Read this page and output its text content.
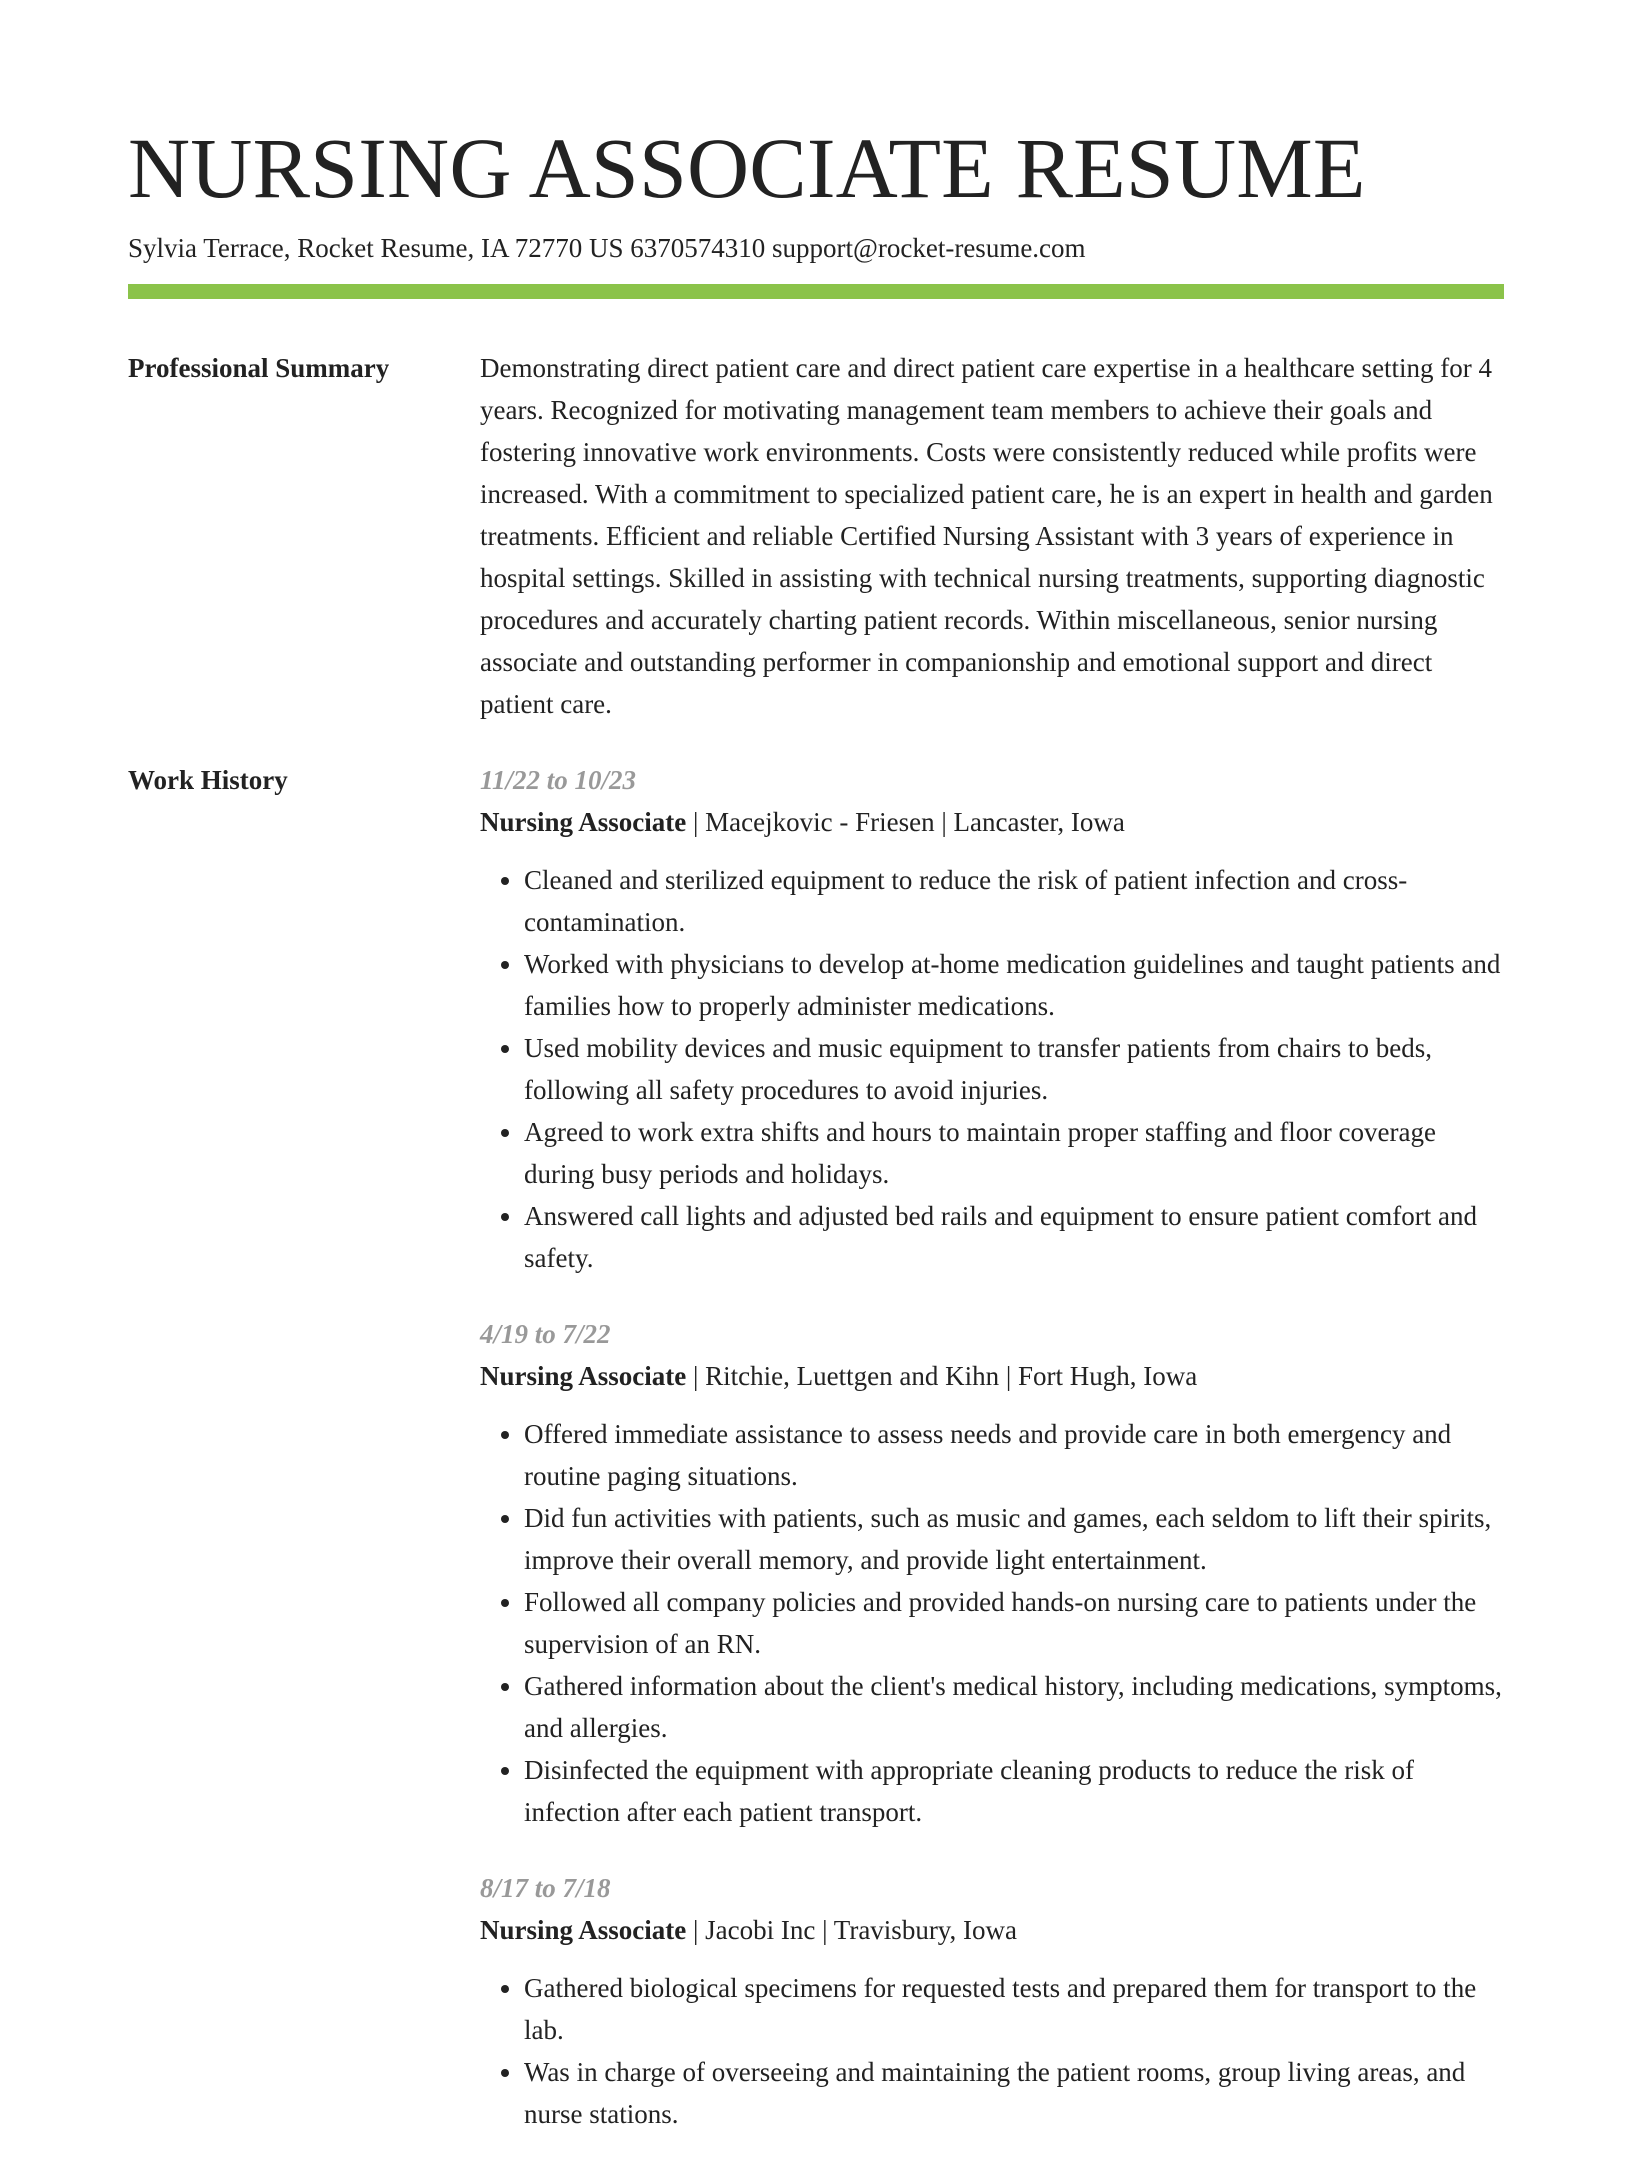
NURSING ASSOCIATE RESUME
Sylvia Terrace, Rocket Resume, IA 72770 US 6370574310 support@rocket-resume.com
Professional Summary	Demonstrating direct patient care and direct patient care expertise in a healthcare setting for 4 years. Recognized for motivating management team members to achieve their goals and fostering innovative work environments. Costs were consistently reduced while profits were increased. With a commitment to specialized patient care, he is an expert in health and garden treatments. Efficient and reliable Certified Nursing Assistant with 3 years of experience in hospital settings. Skilled in assisting with technical nursing treatments, supporting diagnostic procedures and accurately charting patient records. Within miscellaneous, senior nursing associate and outstanding performer in companionship and emotional support and direct patient care.

Work History	11/22 to 10/23
Nursing Associate | Macejkovic - Friesen | Lancaster, Iowa
• Cleaned and sterilized equipment to reduce the risk of patient infection and cross-contamination.
• Worked with physicians to develop at-home medication guidelines and taught patients and families how to properly administer medications.
• Used mobility devices and music equipment to transfer patients from chairs to beds, following all safety procedures to avoid injuries.
• Agreed to work extra shifts and hours to maintain proper staffing and floor coverage during busy periods and holidays.
• Answered call lights and adjusted bed rails and equipment to ensure patient comfort and safety.
4/19 to 7/22
Nursing Associate | Ritchie, Luettgen and Kihn | Fort Hugh, Iowa
• Offered immediate assistance to assess needs and provide care in both emergency and routine paging situations.
• Did fun activities with patients, such as music and games, each seldom to lift their spirits, improve their overall memory, and provide light entertainment.
• Followed all company policies and provided hands-on nursing care to patients under the supervision of an RN.
• Gathered information about the client's medical history, including medications, symptoms, and allergies.
• Disinfected the equipment with appropriate cleaning products to reduce the risk of infection after each patient transport.
8/17 to 7/18
Nursing Associate | Jacobi Inc | Travisbury, Iowa
• Gathered biological specimens for requested tests and prepared them for transport to the lab.
• Was in charge of overseeing and maintaining the patient rooms, group living areas, and nurse stations.
